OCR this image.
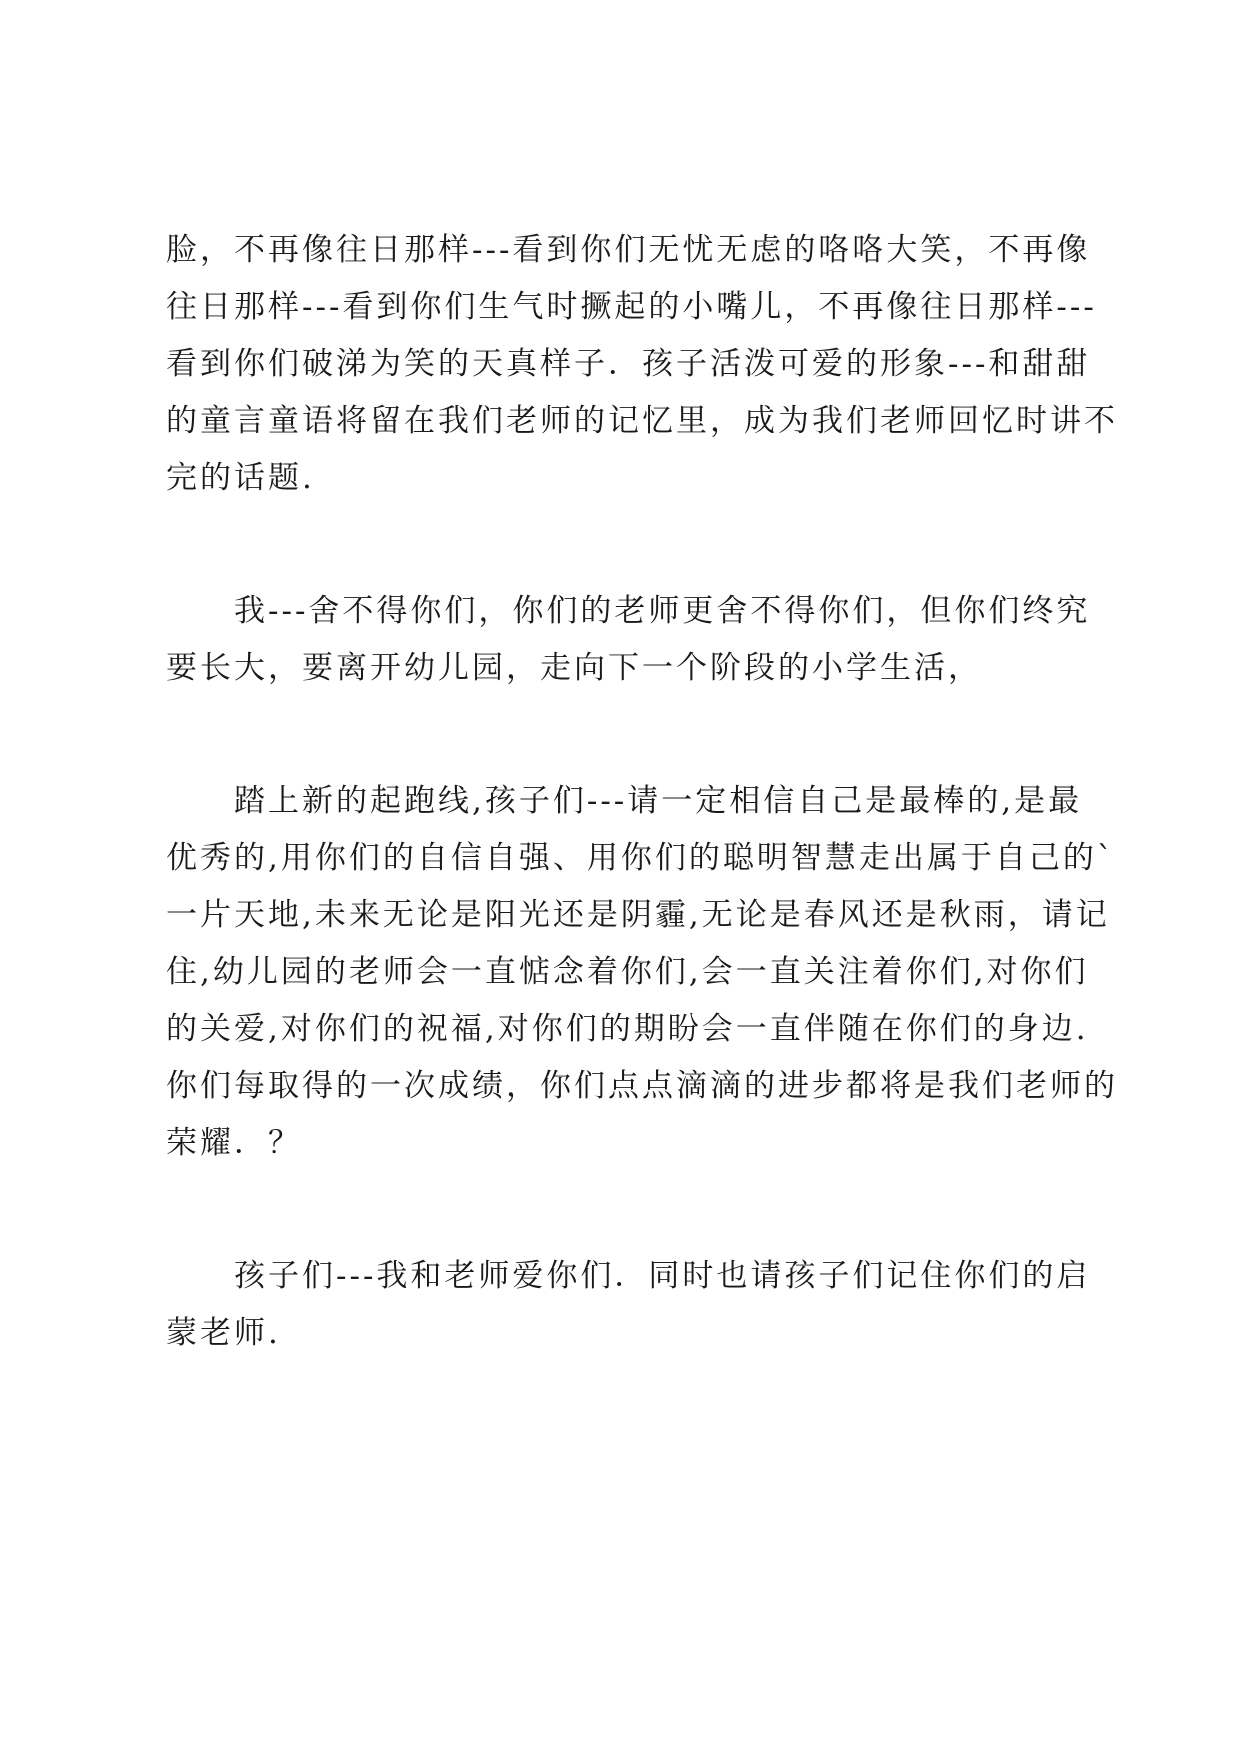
脸，不再像往日那样---看到你们无忧无虑的咯咯大笑，不再像
往日那样---看到你们生气时撅起的小嘴儿，不再像往日那样---
看到你们破涕为笑的天真样子．孩子活泼可爱的形象---和甜甜
的童言童语将留在我们老师的记忆里，成为我们老师回忆时讲不
完的话题.
我---舍不得你们，你们的老师更舍不得你们，但你们终究
要长大，要离开幼儿园，走向下一个阶段的小学生活，
踏上新的起跑线,孩子们---请一定相信自己是最棒的,是最
优秀的,用你们的自信自强、用你们的聪明智慧走出属于自己的`
一片天地,未来无论是阳光还是阴霾,无论是春风还是秋雨，请记
住,幼儿园的老师会一直惦念着你们,会一直关注着你们,对你们
的关爱,对你们的祝福,对你们的期盼会一直伴随在你们的身边.
你们每取得的一次成绩，你们点点滴滴的进步都将是我们老师的
荣耀．？
孩子们---我和老师爱你们．同时也请孩子们记住你们的启
蒙老师.
